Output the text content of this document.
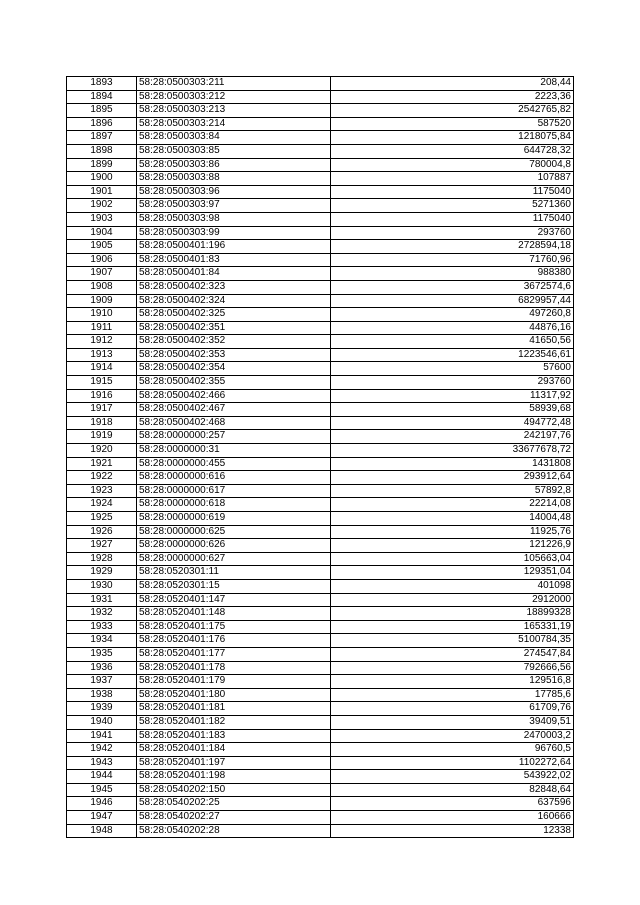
1893	58:28:0500303:211	208,44
1894	58:28:0500303:212	2223,36
1895	58:28:0500303:213	2542765,82
1896	58:28:0500303:214	587520
1897	58:28:0500303:84	1218075,84
1898	58:28:0500303:85	644728,32
1899	58:28:0500303:86	780004,8
1900	58:28:0500303:88	107887
1901	58:28:0500303:96	1175040
1902	58:28:0500303:97	5271360
1903	58:28:0500303:98	1175040
1904	58:28:0500303:99	293760
1905	58:28:0500401:196	2728594,18
1906	58:28:0500401:83	71760,96
1907	58:28:0500401:84	988380
1908	58:28:0500402:323	3672574,6
1909	58:28:0500402:324	6829957,44
1910	58:28:0500402:325	497260,8
1911	58:28:0500402:351	44876,16
1912	58:28:0500402:352	41650,56
1913	58:28:0500402:353	1223546,61
1914	58:28:0500402:354	57600
1915	58:28:0500402:355	293760
1916	58:28:0500402:466	11317,92
1917	58:28:0500402:467	58939,68
1918	58:28:0500402:468	494772,48
1919	58:28:0000000:257	242197,76
1920	58:28:0000000:31	33677678,72
1921	58:28:0000000:455	1431808
1922	58:28:0000000:616	293912,64
1923	58:28:0000000:617	57892,8
1924	58:28:0000000:618	22214,08
1925	58:28:0000000:619	14004,48
1926	58:28:0000000:625	11925,76
1927	58:28:0000000:626	121226,9
1928	58:28:0000000:627	105663,04
1929	58:28:0520301:11	129351,04
1930	58:28:0520301:15	401098
1931	58:28:0520401:147	2912000
1932	58:28:0520401:148	18899328
1933	58:28:0520401:175	165331,19
1934	58:28:0520401:176	5100784,35
1935	58:28:0520401:177	274547,84
1936	58:28:0520401:178	792666,56
1937	58:28:0520401:179	129516,8
1938	58:28:0520401:180	17785,6
1939	58:28:0520401:181	61709,76
1940	58:28:0520401:182	39409,51
1941	58:28:0520401:183	2470003,2
1942	58:28:0520401:184	96760,5
1943	58:28:0520401:197	1102272,64
1944	58:28:0520401:198	543922,02
1945	58:28:0540202:150	82848,64
1946	58:28:0540202:25	637596
1947	58:28:0540202:27	160666
1948	58:28:0540202:28	12338
